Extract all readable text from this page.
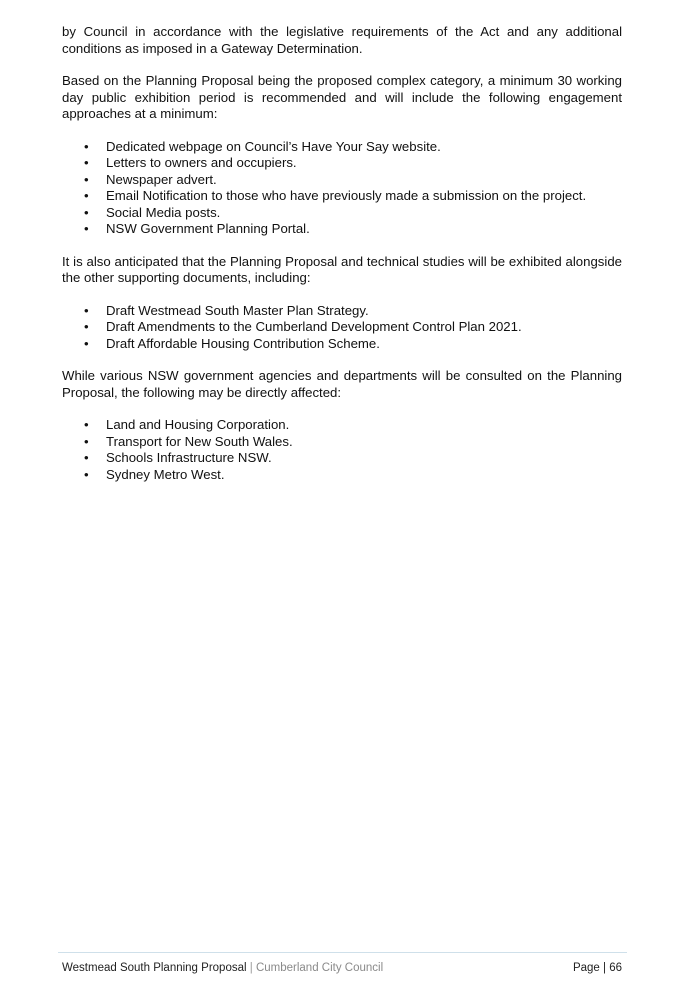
by Council in accordance with the legislative requirements of the Act and any additional conditions as imposed in a Gateway Determination.

Based on the Planning Proposal being the proposed complex category, a minimum 30 working day public exhibition period is recommended and will include the following engagement approaches at a minimum:

• Dedicated webpage on Council’s Have Your Say website.
• Letters to owners and occupiers.
• Newspaper advert.
• Email Notification to those who have previously made a submission on the project.
• Social Media posts.
• NSW Government Planning Portal.

It is also anticipated that the Planning Proposal and technical studies will be exhibited alongside the other supporting documents, including:

• Draft Westmead South Master Plan Strategy.
• Draft Amendments to the Cumberland Development Control Plan 2021.
• Draft Affordable Housing Contribution Scheme.

While various NSW government agencies and departments will be consulted on the Planning Proposal, the following may be directly affected:

• Land and Housing Corporation.
• Transport for New South Wales.
• Schools Infrastructure NSW.
• Sydney Metro West.
Westmead South Planning Proposal | Cumberland City Council	Page | 66
